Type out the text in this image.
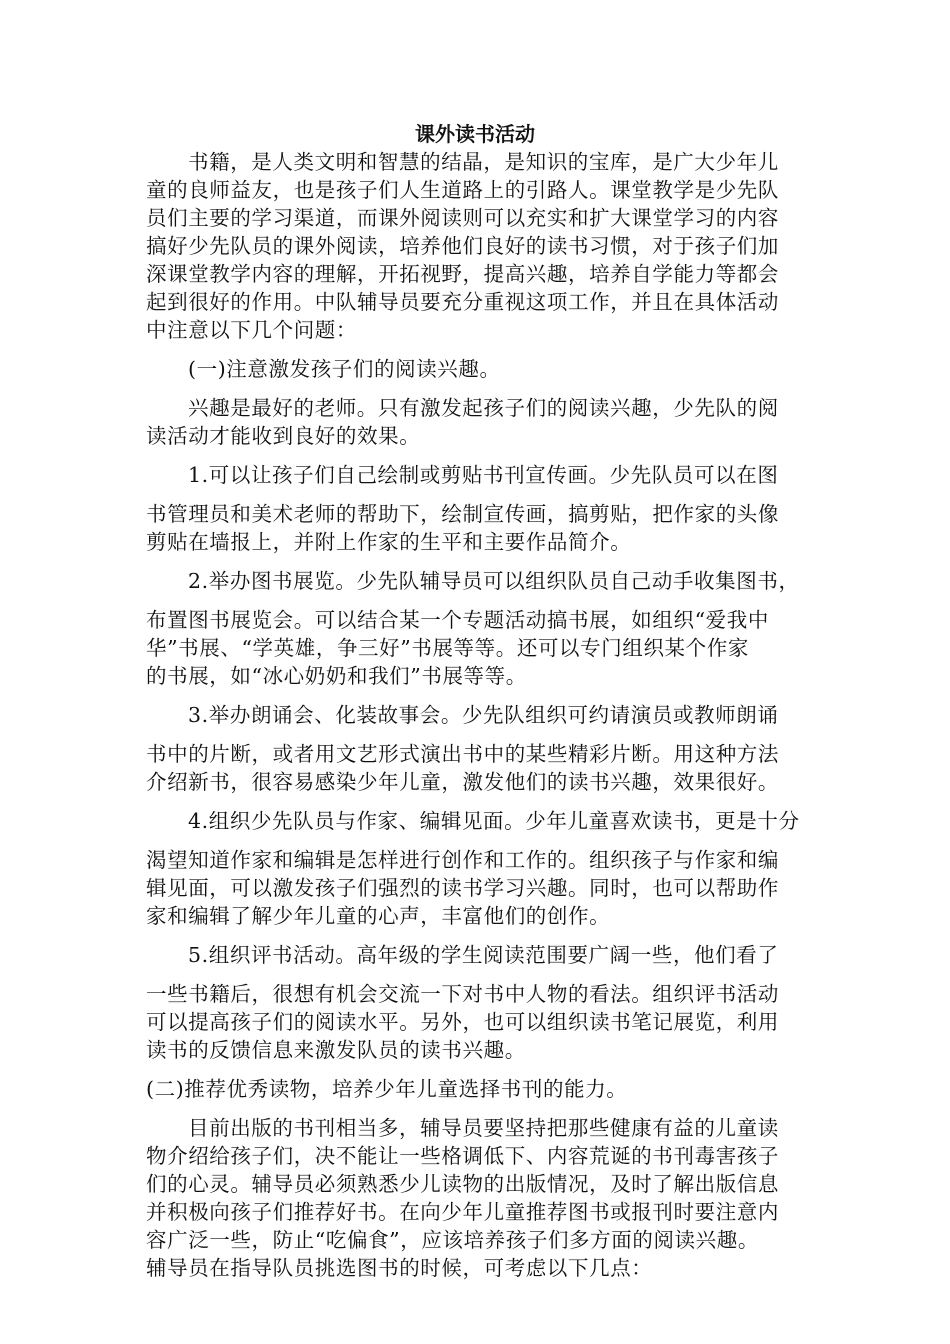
课外读书活动
书籍，是人类文明和智慧的结晶，是知识的宝库，是广大少年儿
童的良师益友，也是孩子们人生道路上的引路人。课堂教学是少先队
员们主要的学习渠道，而课外阅读则可以充实和扩大课堂学习的内容
搞好少先队员的课外阅读，培养他们良好的读书习惯，对于孩子们加
深课堂教学内容的理解，开拓视野，提高兴趣，培养自学能力等都会
起到很好的作用。中队辅导员要充分重视这项工作，并且在具体活动
中注意以下几个问题：
(一)注意激发孩子们的阅读兴趣。
兴趣是最好的老师。只有激发起孩子们的阅读兴趣，少先队的阅
读活动才能收到良好的效果。
1.可以让孩子们自己绘制或剪贴书刊宣传画。少先队员可以在图
书管理员和美术老师的帮助下，绘制宣传画，搞剪贴，把作家的头像
剪贴在墙报上，并附上作家的生平和主要作品简介。
2.举办图书展览。少先队辅导员可以组织队员自己动手收集图书，
布置图书展览会。可以结合某一个专题活动搞书展，如组织“爱我中
华”书展、“学英雄，争三好”书展等等。还可以专门组织某个作家
的书展，如“冰心奶奶和我们”书展等等。
3.举办朗诵会、化装故事会。少先队组织可约请演员或教师朗诵
书中的片断，或者用文艺形式演出书中的某些精彩片断。用这种方法
介绍新书，很容易感染少年儿童，激发他们的读书兴趣，效果很好。
4.组织少先队员与作家、编辑见面。少年儿童喜欢读书，更是十分
渴望知道作家和编辑是怎样进行创作和工作的。组织孩子与作家和编
辑见面，可以激发孩子们强烈的读书学习兴趣。同时，也可以帮助作
家和编辑了解少年儿童的心声，丰富他们的创作。
5.组织评书活动。高年级的学生阅读范围要广阔一些，他们看了
一些书籍后，很想有机会交流一下对书中人物的看法。组织评书活动
可以提高孩子们的阅读水平。另外，也可以组织读书笔记展览，利用
读书的反馈信息来激发队员的读书兴趣。
(二)推荐优秀读物，培养少年儿童选择书刊的能力。
目前出版的书刊相当多，辅导员要坚持把那些健康有益的儿童读
物介绍给孩子们，决不能让一些格调低下、内容荒诞的书刊毒害孩子
们的心灵。辅导员必须熟悉少儿读物的出版情况，及时了解出版信息
并积极向孩子们推荐好书。在向少年儿童推荐图书或报刊时要注意内
容广泛一些，防止“吃偏食”，应该培养孩子们多方面的阅读兴趣。
辅导员在指导队员挑选图书的时候，可考虑以下几点：
